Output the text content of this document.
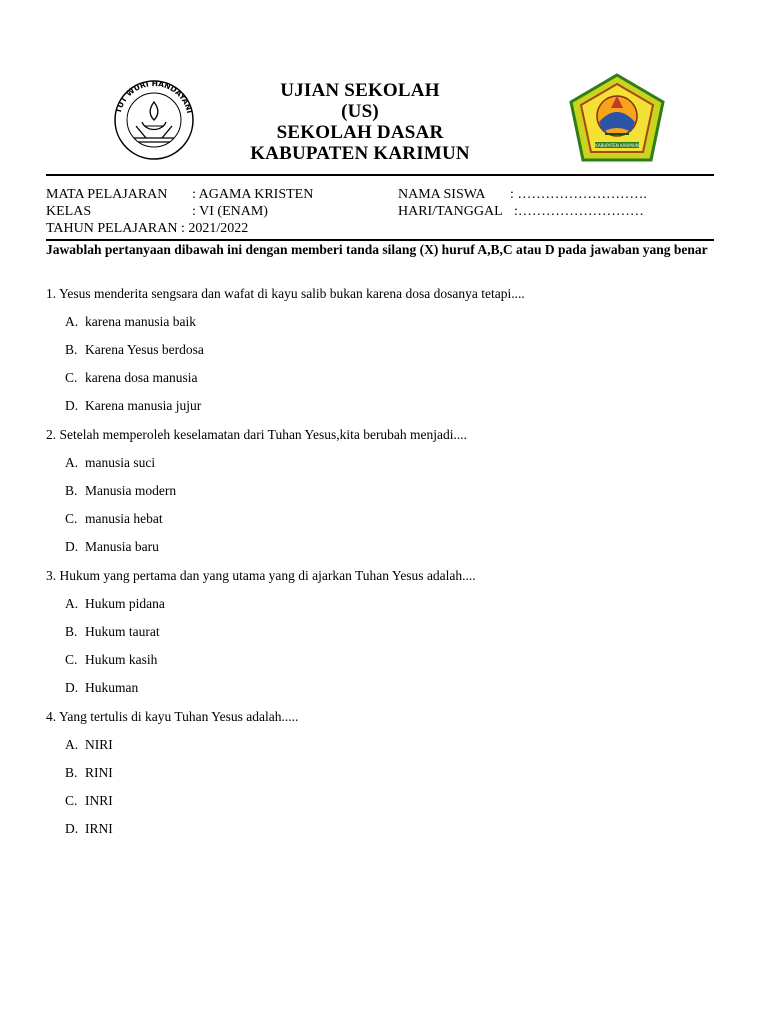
TUT WURI HANDAYANI
KABUPATEN KARIMUN
UJIAN SEKOLAH
(US)
SEKOLAH DASAR
KABUPATEN KARIMUN
MATA PELAJARAN : AGAMA KRISTEN
KELAS	: VI (ENAM)
TAHUN PELAJARAN : 2021/2022
NAMA SISWA : ……………………….
HARI/TANGGAL :………………………
Jawablah pertanyaan dibawah ini dengan memberi tanda silang (X) huruf A,B,C atau D pada jawaban yang benar
1. Yesus menderita sengsara dan wafat di kayu salib bukan karena dosa dosanya tetapi....
A. karena manusia baik
B. Karena Yesus berdosa
C. karena dosa manusia
D. Karena manusia jujur
2. Setelah memperoleh keselamatan dari Tuhan Yesus,kita berubah menjadi....
A. manusia suci
B. Manusia modern
C. manusia hebat
D. Manusia baru
3. Hukum yang pertama dan yang utama yang di ajarkan Tuhan Yesus adalah....
A. Hukum pidana
B. Hukum taurat
C. Hukum kasih
D. Hukuman
4. Yang tertulis di kayu Tuhan Yesus adalah.....
A. NIRI
B. RINI
C. INRI
D. IRNI
